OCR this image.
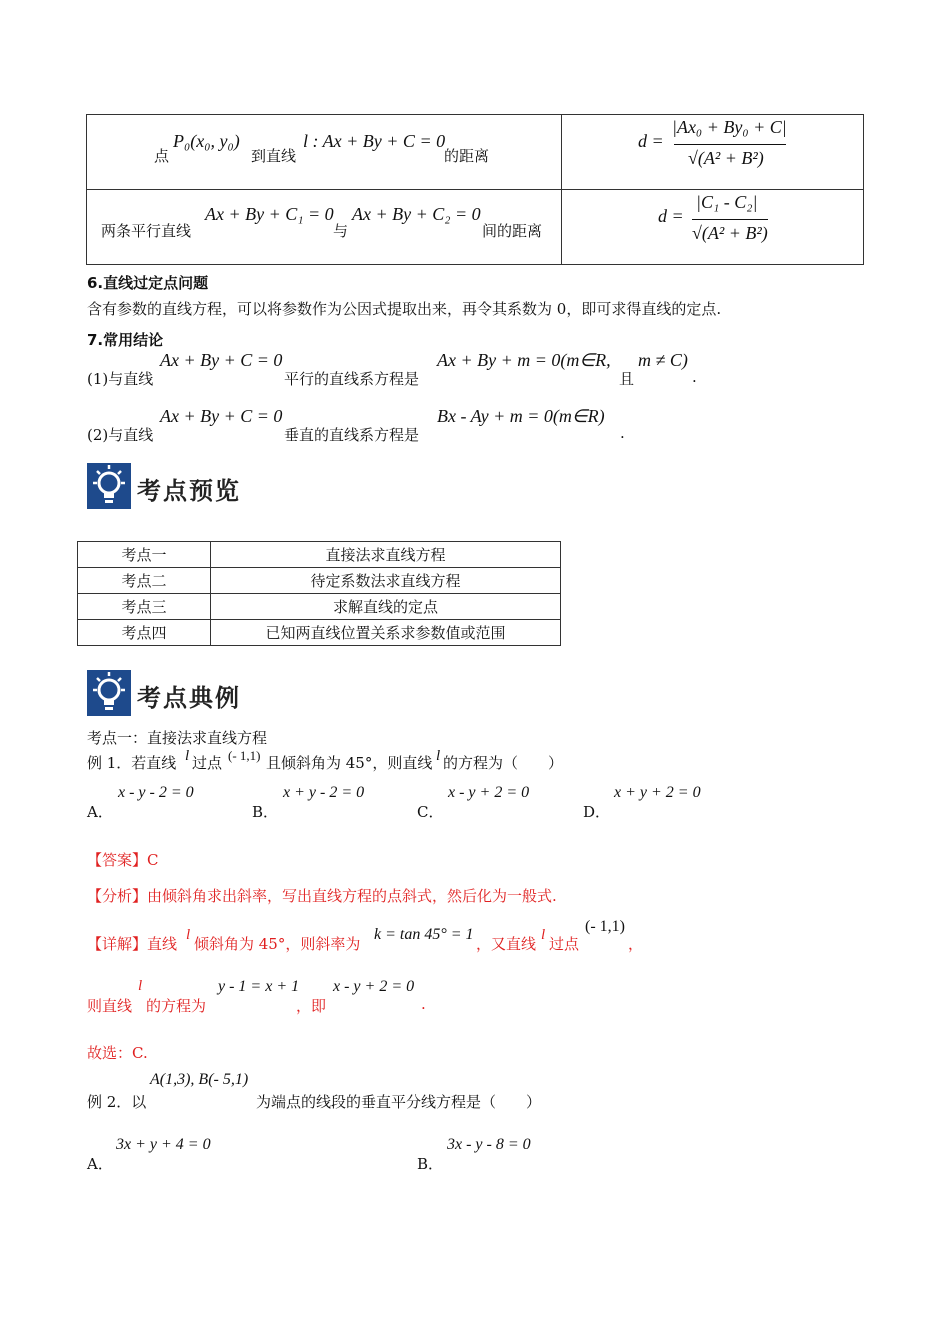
点
P₀(x₀, y₀)
到直线
l : Ax + By + C = 0
的距离	d =
|Ax₀ + By₀ + C|
√(A² + B²)

两条平行直线
Ax + By + C₁ = 0
与
Ax + By + C₂ = 0
间的距离	d =
|C₁ - C₂|
√(A² + B²)
6.直线过定点问题
含有参数的直线方程，可以将参数作为公因式提取出来，再令其系数为 0，即可求得直线的定点.
7.常用结论
(1)与直线
Ax + By + C = 0
平行的直线系方程是
Ax + By + m = 0(m∈R,
且
m ≠ C)
.
(2)与直线
Ax + By + C = 0
垂直的直线系方程是
Bx - Ay + m = 0(m∈R)
.
考点预览
考点一	直接法求直线方程
考点二	待定系数法求直线方程
考点三	求解直线的定点
考点四	已知两直线位置关系求参数值或范围
考点典例
考点一：直接法求直线方程
例 1．若直线 l 过点 (- 1,1) 且倾斜角为 45°，则直线 l 的方程为（　　）
A．
x - y - 2 = 0
B．
x + y - 2 = 0
C．
x - y + 2 = 0
D．
x + y + 2 = 0
【答案】C
【分析】由倾斜角求出斜率，写出直线方程的点斜式，然后化为一般式.
【详解】直线 l 倾斜角为 45°，则斜率为
k = tan 45° = 1
，又直线 l 过点
(- 1,1)
，
则直线
l
的方程为
y - 1 = x + 1
，即
x - y + 2 = 0
.
故选：C.
例 2．以
A(1,3), B(- 5,1)
为端点的线段的垂直平分线方程是（　　）
A．
3x + y + 4 = 0
B．
3x - y - 8 = 0
